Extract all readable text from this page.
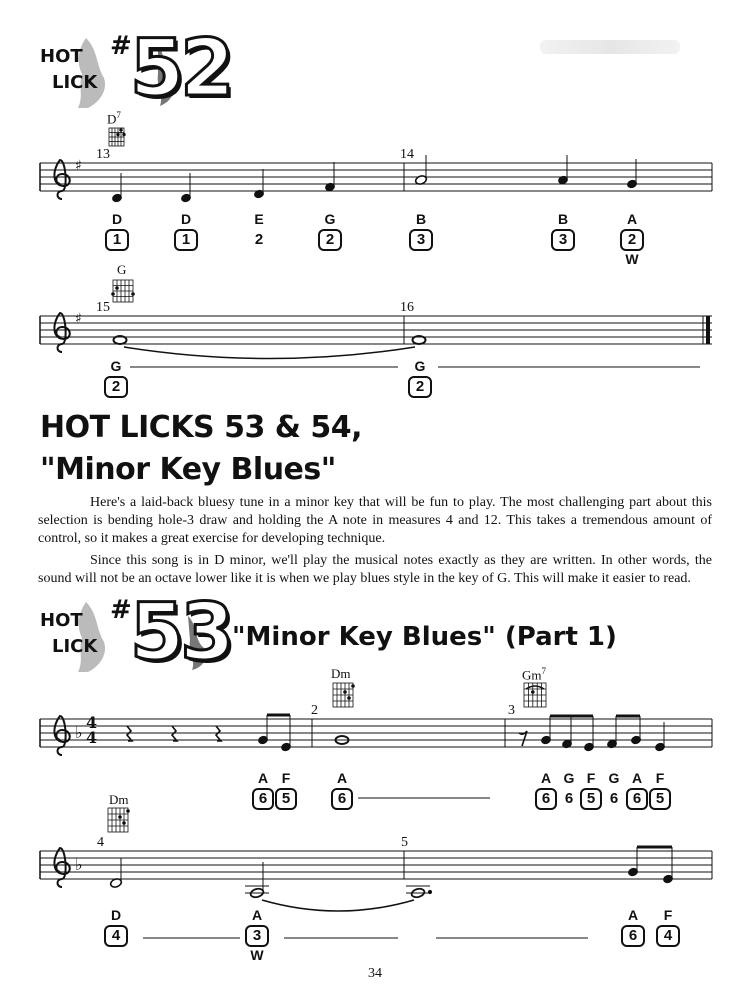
HOT
LICK
#
52
♯
♯
♭
♭
$D^7$
G
Dm	Gm$^7$
Dm
13	14
15	16
2	3
4	5
4
4
D	D	E	G	B	B	A
1	1	2	2	3	3	2
W
G	G
2	2
HOT LICKS 53 & 54,
"Minor Key Blues"
Here's a laid-back bluesy tune in a minor key that will be fun to play. The most challenging part about this selection is bending hole-3 draw and holding the A note in measures 4 and 12. This takes a tremendous amount of control, so it makes a great exercise for developing technique.
Since this song is in D minor, we'll play the musical notes exactly as they are written. In other words, the sound will not be an octave lower like it is when we play blues style in the key of G. This will make it easier to read.
HOT
LICK
#
53 "Minor Key Blues" (Part 1)
A F	A	A G F G A F
6 5	6	6 6 5 6 6 5
D	A	A	F
4	3	6	4
W
34
